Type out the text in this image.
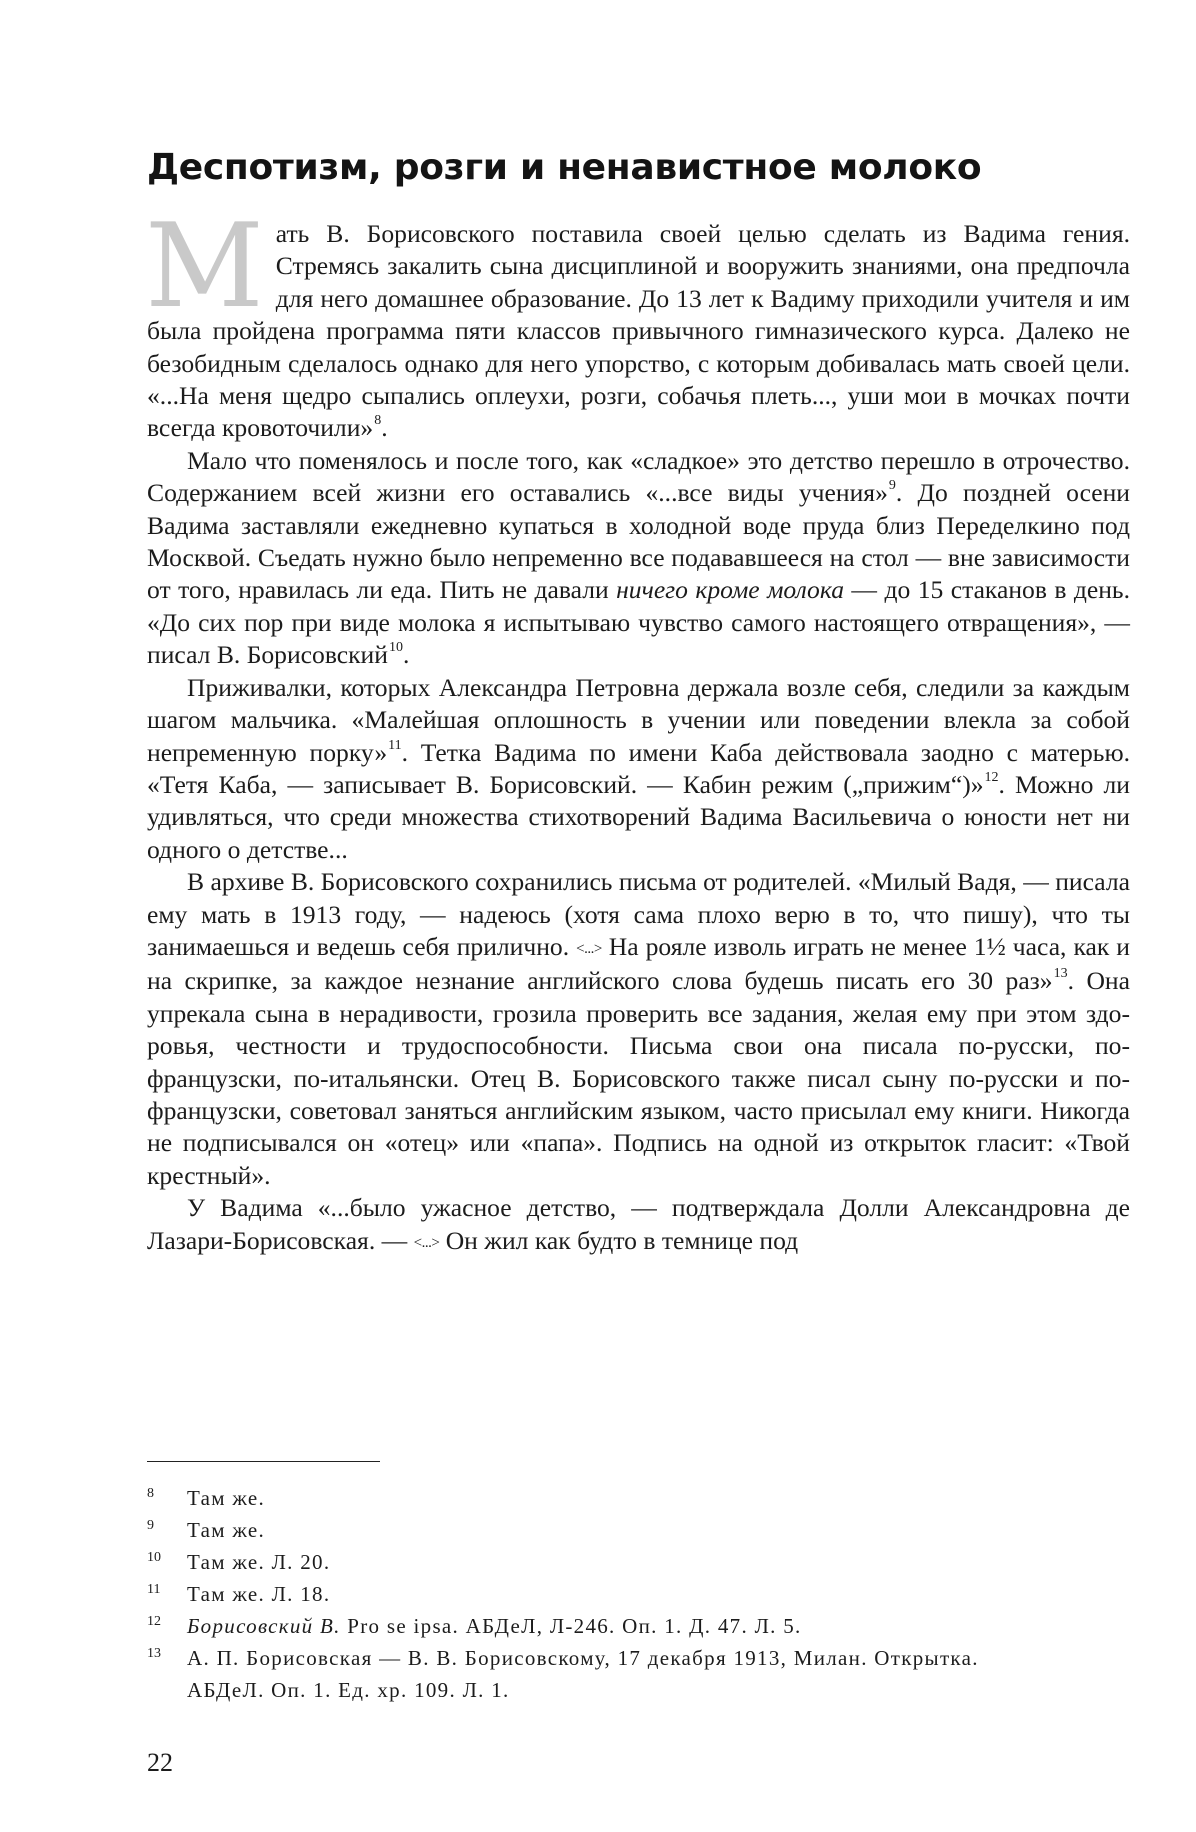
Деспотизм, розги и ненавистное молоко

Мать В. Борисовского поставила своей целью сделать из Вадима гения. Стремясь закалить сына дисциплиной и вооружить знаниями, она предпочла для него домашнее образование. До 13 лет к Вадиму приходили учителя и им была пройдена программа пяти классов привычного гимназического курса. Далеко не безобидным сделалось однако для него упорство, с которым добивалась мать своей цели. «...На меня щедро сыпались оплеухи, розги, собачья плеть..., уши мои в мочках почти всегда кровоточили»$^8$.

Мало что поменялось и после того, как «сладкое» это детство перешло в отрочество. Содержанием всей жизни его оставались «...все виды учения»$^9$. До поздней осени Вадима заставляли ежедневно купаться в холодной воде пруда близ Переделкино под Москвой. Съедать нужно было непременно все подававшееся на стол — вне зависимости от того, нравилась ли еда. Пить не давали ничего кроме молока — до 15 стаканов в день. «До сих пор при виде молока я испытываю чувство самого настоящего отвращения», — писал В. Борисовский$^{10}$.

Приживалки, которых Александра Петровна держала возле себя, следили за каждым шагом мальчика. «Малейшая оплошность в учении или поведении влекла за собой непременную порку»$^{11}$. Тетка Вадима по имени Каба действовала заодно с матерью. «Тетя Каба, — записывает В. Борисовский. — Кабин режим („прижим“)»$^{12}$. Можно ли удивляться, что среди множества стихотворений Вадима Васильевича о юности нет ни одного о детстве...

В архиве В. Борисовского сохранились письма от родителей. «Милый Вадя, — писала ему мать в 1913 году, — надеюсь (хотя сама плохо верю в то, что пишу), что ты занимаешься и ведешь себя прилично. <...> На рояле изволь играть не менее 1½ часа, как и на скрипке, за каждое незнание английского слова будешь писать его 30 раз»$^{13}$. Она упрекала сына в нерадивости, грозила проверить все задания, желая ему при этом здоровья, честности и трудоспособности. Письма свои она писала по-русски, по-французски, по-итальянски. Отец В. Борисовского также писал сыну по-русски и по-французски, советовал заняться английским языком, часто присылал ему книги. Никогда не подписывался он «отец» или «папа». Подпись на одной из открыток гласит: «Твой крестный».

У Вадима «...было ужасное детство, — подтверждала Долли Александровна де Лазари-Борисовская. — <...> Он жил как будто в темнице под

8 Там же.
9 Там же.
10 Там же. Л. 20.
11 Там же. Л. 18.
12 Борисовский В. Pro se ipsa. АБДеЛ, Л-246. Оп. 1. Д. 47. Л. 5.
13 А. П. Борисовская — В. В. Борисовскому, 17 декабря 1913, Милан. Открытка.
АБДеЛ. Оп. 1. Ед. хр. 109. Л. 1.
22
